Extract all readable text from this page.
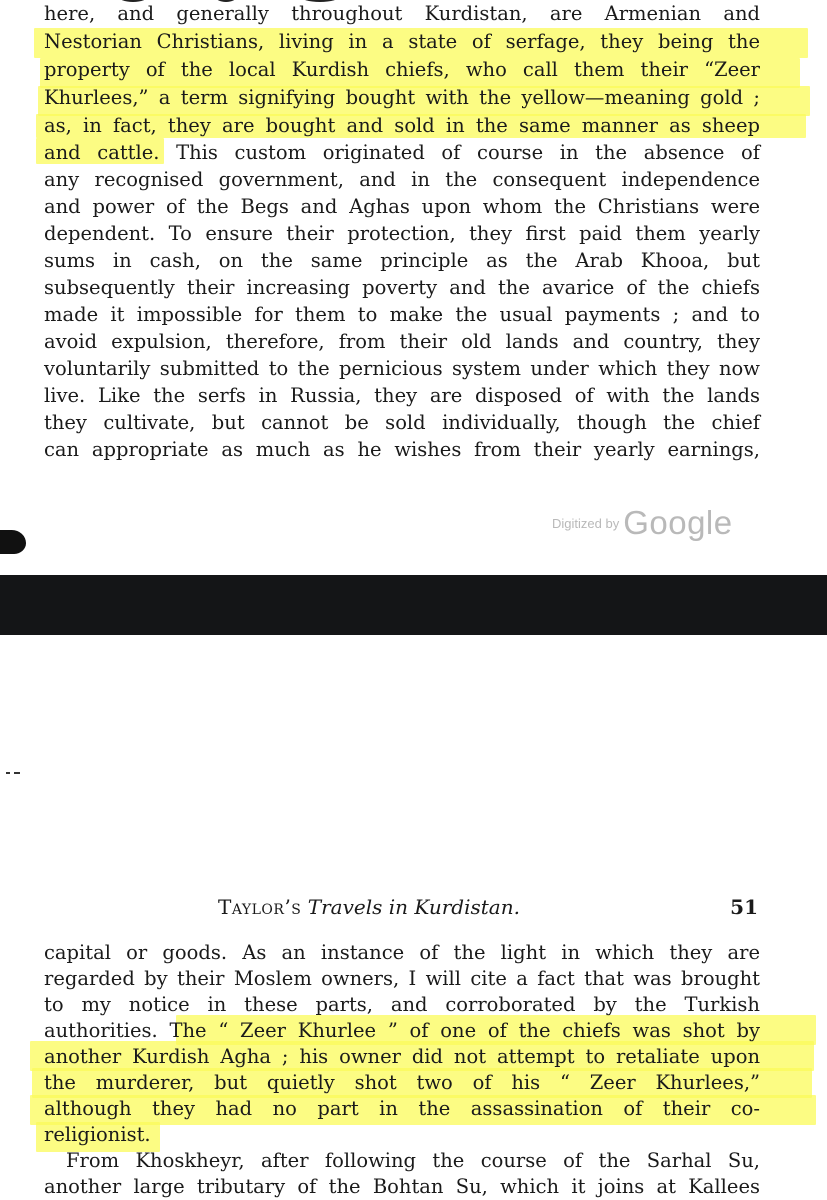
here, and generally throughout Kurdistan, are Armenian and
Nestorian Christians, living in a state of serfage, they being the
property of the local Kurdish chiefs, who call them their “Zeer
Khurlees,” a term signifying bought with the yellow—meaning gold ;
as, in fact, they are bought and sold in the same manner as sheep
and cattle. This custom originated of course in the absence of
any recognised government, and in the consequent independence
and power of the Begs and Aghas upon whom the Christians were
dependent. To ensure their protection, they first paid them yearly
sums in cash, on the same principle as the Arab Khooa, but
subsequently their increasing poverty and the avarice of the chiefs
made it impossible for them to make the usual payments ; and to
avoid expulsion, therefore, from their old lands and country, they
voluntarily submitted to the pernicious system under which they now
live. Like the serfs in Russia, they are disposed of with the lands
they cultivate, but cannot be sold individually, though the chief
can appropriate as much as he wishes from their yearly earnings,
Digitized by Google
Taylor’s Travels in Kurdistan.	51
capital or goods. As an instance of the light in which they are
regarded by their Moslem owners, I will cite a fact that was brought
to my notice in these parts, and corroborated by the Turkish
authorities. The “ Zeer Khurlee ” of one of the chiefs was shot by
another Kurdish Agha ; his owner did not attempt to retaliate upon
the murderer, but quietly shot two of his “ Zeer Khurlees,”
although they had no part in the assassination of their co-
religionist.
From Khoskheyr, after following the course of the Sarhal Su,
another large tributary of the Bohtan Su, which it joins at Kallees
